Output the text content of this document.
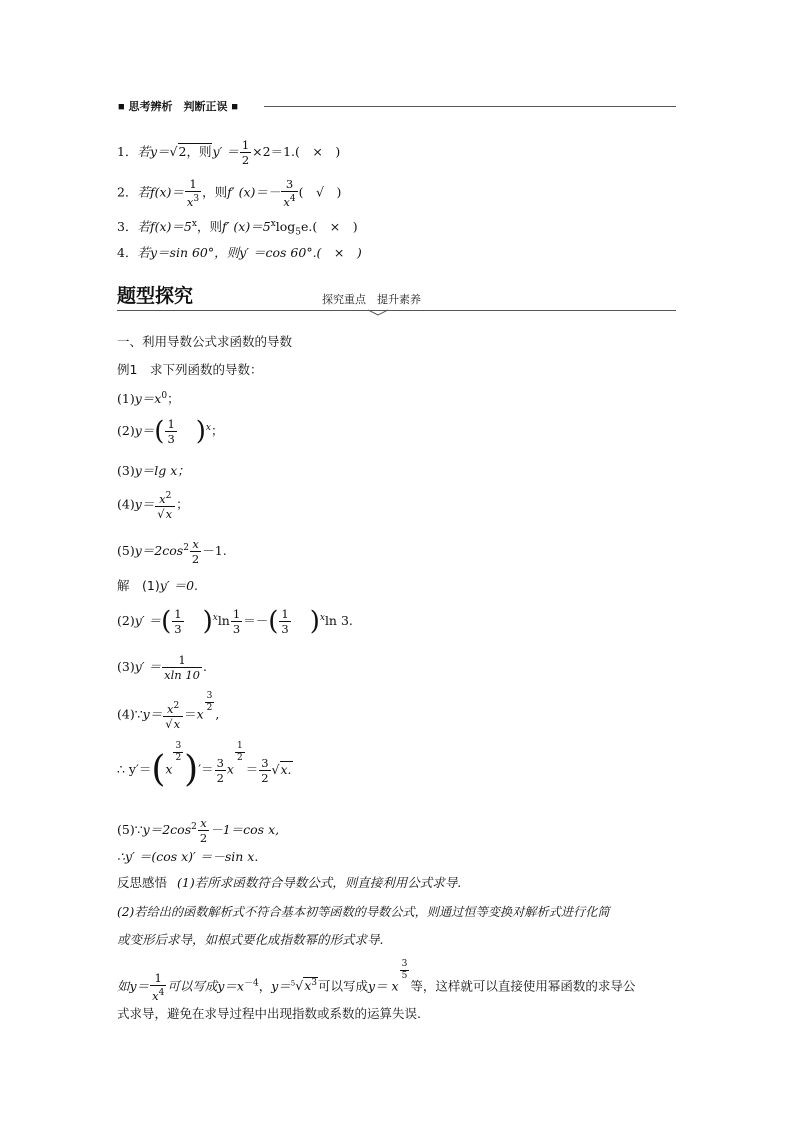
■ 思考辨析　判断正误 ■
1．若y＝√2，则$y' = \frac{1}{2} \times 2=1$.(　×　)
2．若$f(x)= \frac{1}{x^3}$ ，则f′ $(x)=- \frac{3}{x^4}$ (　√　)
3．若$f(x)=5^x$，则f′ $(x)=5^x\log_5e$.(　×　)
4．若y＝sin 60°，则y′ ＝cos 60°.(　×　)
题型探究	探究重点　提升素养
一、利用导数公式求函数的导数
例1　求下列函数的导数：
$(1)y=x^0$；
$(2)y=( \frac{1}{3} )^x$；
(3)y＝lg x；
$(4)y= \frac{x^2}{√x}$ ；
$(5)y=2\cos^2 \frac{x}{2} -1$.
解　(1)y′ ＝0.
(2)y′ ＝( $\frac{1}{3} )^x\ln \frac{1}{3}$ ＝－( $\frac{1}{3} )^x\ln$ 3.
$(3)y' = \frac{1}{xln 10}$ .
(4)∵y＝ $\frac{x^2}{√x} =x$
$\frac{3}{2}$
,
∴ y′＝(x
$\frac{3}{2}$ )′＝ $\frac{3}{2}$ x
$\frac{1}{2}$
＝ $\frac{3}{2} √x$.
$(5)\because y=2\cos^2 \frac{x}{2} -1=\cos$ x,
∴y′ ＝(cos x)′ ＝－sin x.
反思感悟 (1)若所求函数符合导数公式，则直接利用公式求导.
(2)若给出的函数解析式不符合基本初等函数的导数公式，则通过恒等变换对解析式进行化简
或变形后求导，如根式要化成指数幂的形式求导.
如$y= \frac{1}{x^4}$ 可以写成$y=x^{-4}$，$y=^5√x^3$可以写成y＝ x
$\frac{3}{5}$
等，这样就可以直接使用幂函数的求导公
式求导，避免在求导过程中出现指数或系数的运算失误.
